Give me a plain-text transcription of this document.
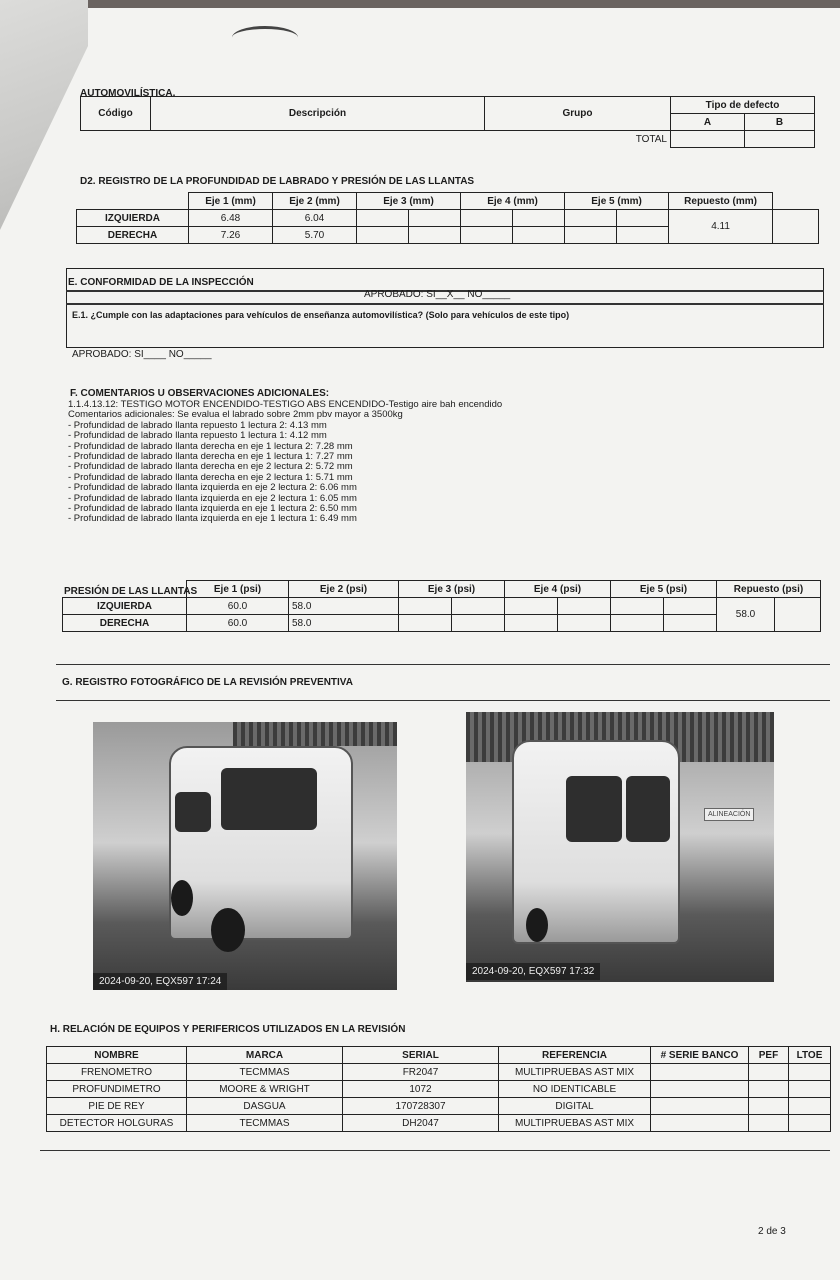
AUTOMOVILÍSTICA.
Código	Descripción	Grupo	Tipo de defecto	
			A	B
TOTAL				
D2. REGISTRO DE LA PROFUNDIDAD DE LABRADO Y PRESIÓN DE LAS LLANTAS
	Eje 1 (mm)	Eje 2 (mm)	Eje 3 (mm)		Eje 4 (mm)		Eje 5 (mm)		Repuesto (mm)	
IZQUIERDA	6.48	6.04							4.11	
DERECHA	7.26	5.70								
E. CONFORMIDAD DE LA INSPECCIÓN
APROBADO: SI__X__ NO_____
E.1. ¿Cumple con las adaptaciones para vehículos de enseñanza automovilística? (Solo para vehículos de este tipo)
APROBADO: SI____ NO_____
F. COMENTARIOS U OBSERVACIONES ADICIONALES:
1.1.4.13.12: TESTIGO MOTOR ENCENDIDO-TESTIGO ABS ENCENDIDO-Testigo aire bah encendido
Comentarios adicionales: Se evalua el labrado sobre 2mm pbv mayor a 3500kg
- Profundidad de labrado llanta repuesto 1 lectura 2: 4.13 mm
- Profundidad de labrado llanta repuesto 1 lectura 1: 4.12 mm
- Profundidad de labrado llanta derecha en eje 1 lectura 2: 7.28 mm
- Profundidad de labrado llanta derecha en eje 1 lectura 1: 7.27 mm
- Profundidad de labrado llanta derecha en eje 2 lectura 2: 5.72 mm
- Profundidad de labrado llanta derecha en eje 2 lectura 1: 5.71 mm
- Profundidad de labrado llanta izquierda en eje 2 lectura 2: 6.06 mm
- Profundidad de labrado llanta izquierda en eje 2 lectura 1: 6.05 mm
- Profundidad de labrado llanta izquierda en eje 1 lectura 2: 6.50 mm
- Profundidad de labrado llanta izquierda en eje 1 lectura 1: 6.49 mm
PRESIÓN DE LAS LLANTAS
	Eje 1 (psi)	Eje 2 (psi)	Eje 3 (psi)		Eje 4 (psi)		Eje 5 (psi)		Repuesto (psi)	
IZQUIERDA	60.0	58.0							58.0	
DERECHA	60.0	58.0								
G. REGISTRO FOTOGRÁFICO DE LA REVISIÓN PREVENTIVA
2024-09-20, EQX597 17:24
ALINEACIÓN
2024-09-20, EQX597 17:32
H. RELACIÓN DE EQUIPOS Y PERIFERICOS UTILIZADOS EN LA REVISIÓN
NOMBRE	MARCA	SERIAL	REFERENCIA	# SERIE BANCO	PEF	LTOE
FRENOMETRO	TECMMAS	FR2047	MULTIPRUEBAS AST MIX			
PROFUNDIMETRO	MOORE & WRIGHT	1072	NO IDENTICABLE			
PIE DE REY	DASGUA	170728307	DIGITAL			
DETECTOR HOLGURAS	TECMMAS	DH2047	MULTIPRUEBAS AST MIX			
2 de 3
